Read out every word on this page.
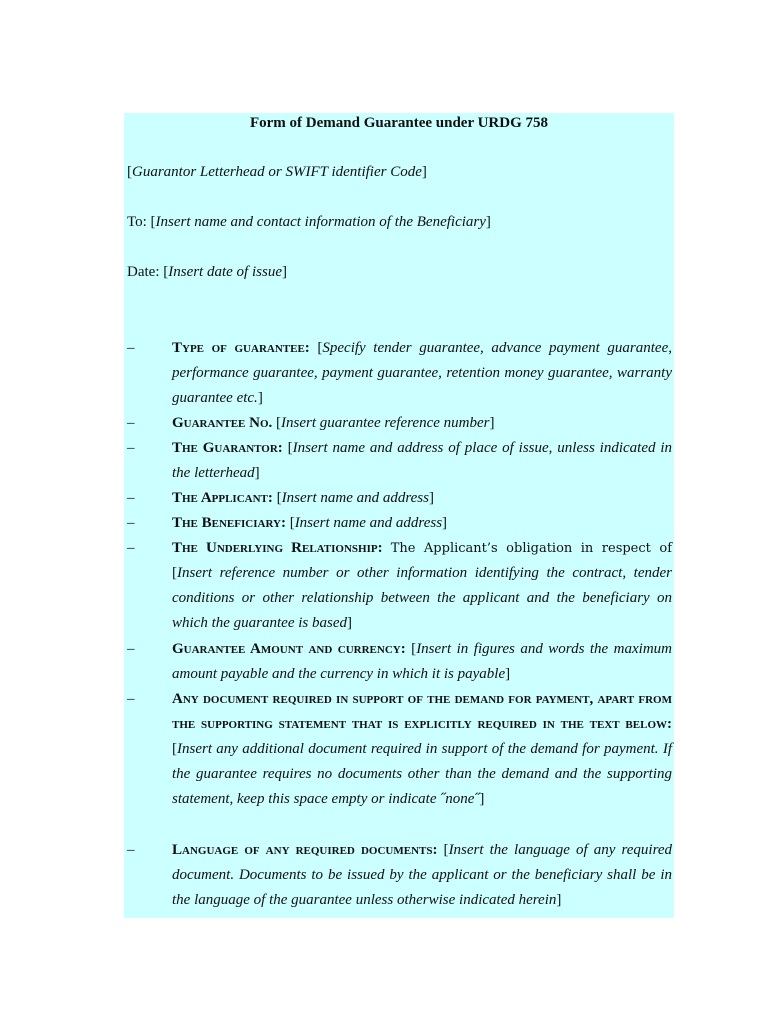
Form of Demand Guarantee under URDG 758
[Guarantor Letterhead or SWIFT identifier Code]
To: [Insert name and contact information of the Beneficiary]
Date: [Insert date of issue]
–	Type of guarantee: [Specify tender guarantee, advance payment guarantee, performance guarantee, payment guarantee, retention money guarantee, warranty guarantee etc.]
–	Guarantee No. [Insert guarantee reference number]
–	The Guarantor: [Insert name and address of place of issue, unless indicated in the letterhead]
–	The Applicant: [Insert name and address]
–	The Beneficiary: [Insert name and address]
–	The Underlying Relationship: The Applicant’s obligation in respect of [Insert reference number or other information identifying the contract, tender conditions or other relationship between the applicant and the beneficiary on which the guarantee is based]
–	Guarantee Amount and currency: [Insert in figures and words the maximum amount payable and the currency in which it is payable]
–	Any document required in support of the demand for payment, apart from the supporting statement that is explicitly required in the text below: [Insert any additional document required in support of the demand for payment. If the guarantee requires no documents other than the demand and the supporting statement, keep this space empty or indicate ˝none˝]
–	Language of any required documents: [Insert the language of any required document. Documents to be issued by the applicant or the beneficiary shall be in the language of the guarantee unless otherwise indicated herein]
